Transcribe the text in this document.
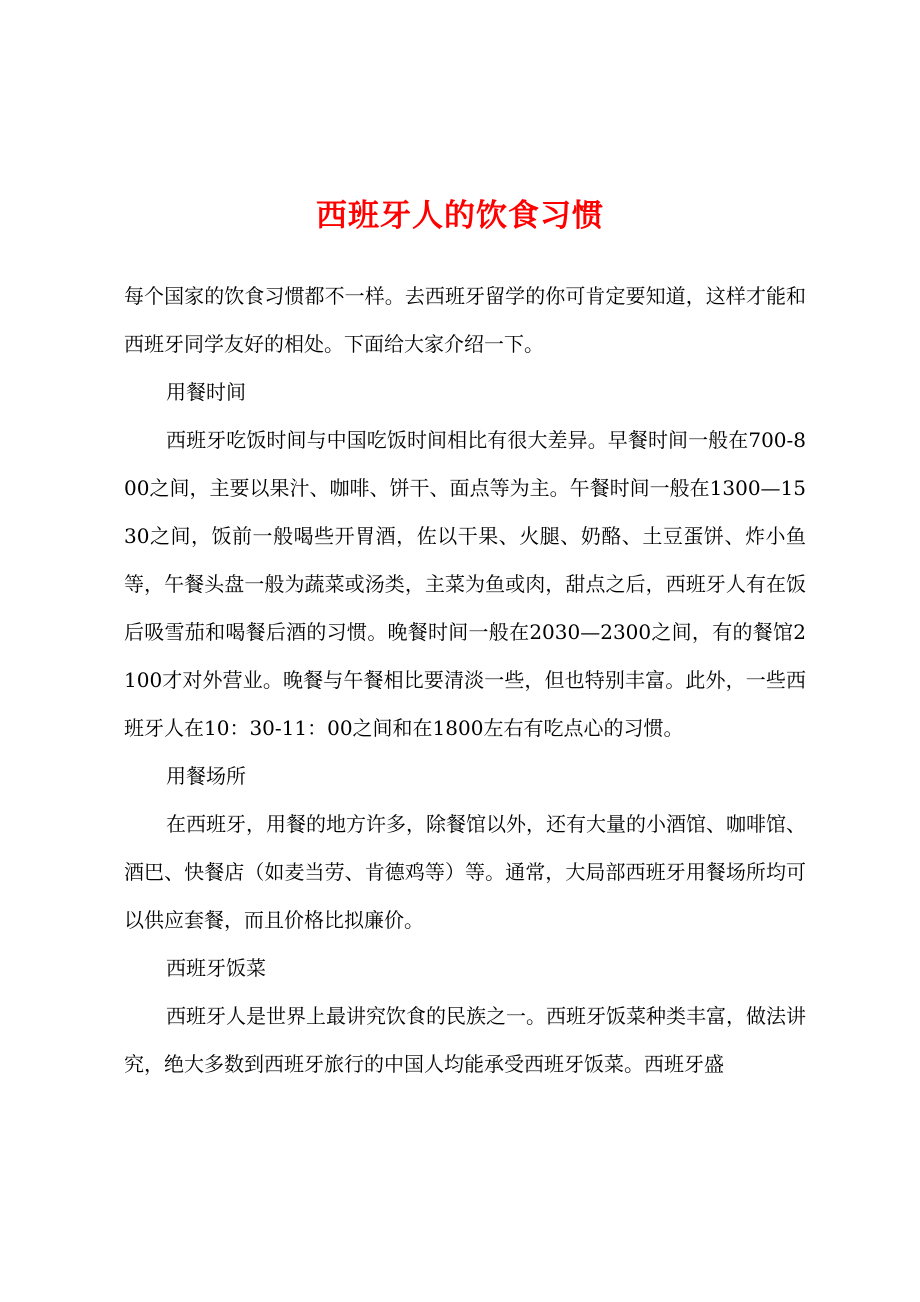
西班牙人的饮食习惯

每个国家的饮食习惯都不一样。去西班牙留学的你可肯定要知道，这样才能和西班牙同学友好的相处。下面给大家介绍一下。

用餐时间

西班牙吃饭时间与中国吃饭时间相比有很大差异。早餐时间一般在700-800之间，主要以果汁、咖啡、饼干、面点等为主。午餐时间一般在1300—1530之间，饭前一般喝些开胃酒，佐以干果、火腿、奶酪、土豆蛋饼、炸小鱼等，午餐头盘一般为蔬菜或汤类，主菜为鱼或肉，甜点之后，西班牙人有在饭后吸雪茄和喝餐后酒的习惯。晚餐时间一般在2030—2300之间，有的餐馆2100才对外营业。晚餐与午餐相比要清淡一些，但也特别丰富。此外，一些西班牙人在10：30-11：00之间和在1800左右有吃点心的习惯。

用餐场所

在西班牙，用餐的地方许多，除餐馆以外，还有大量的小酒馆、咖啡馆、酒巴、快餐店（如麦当劳、肯德鸡等）等。通常，大局部西班牙用餐场所均可以供应套餐，而且价格比拟廉价。

西班牙饭菜

西班牙人是世界上最讲究饮食的民族之一。西班牙饭菜种类丰富，做法讲究，绝大多数到西班牙旅行的中国人均能承受西班牙饭菜。西班牙盛
